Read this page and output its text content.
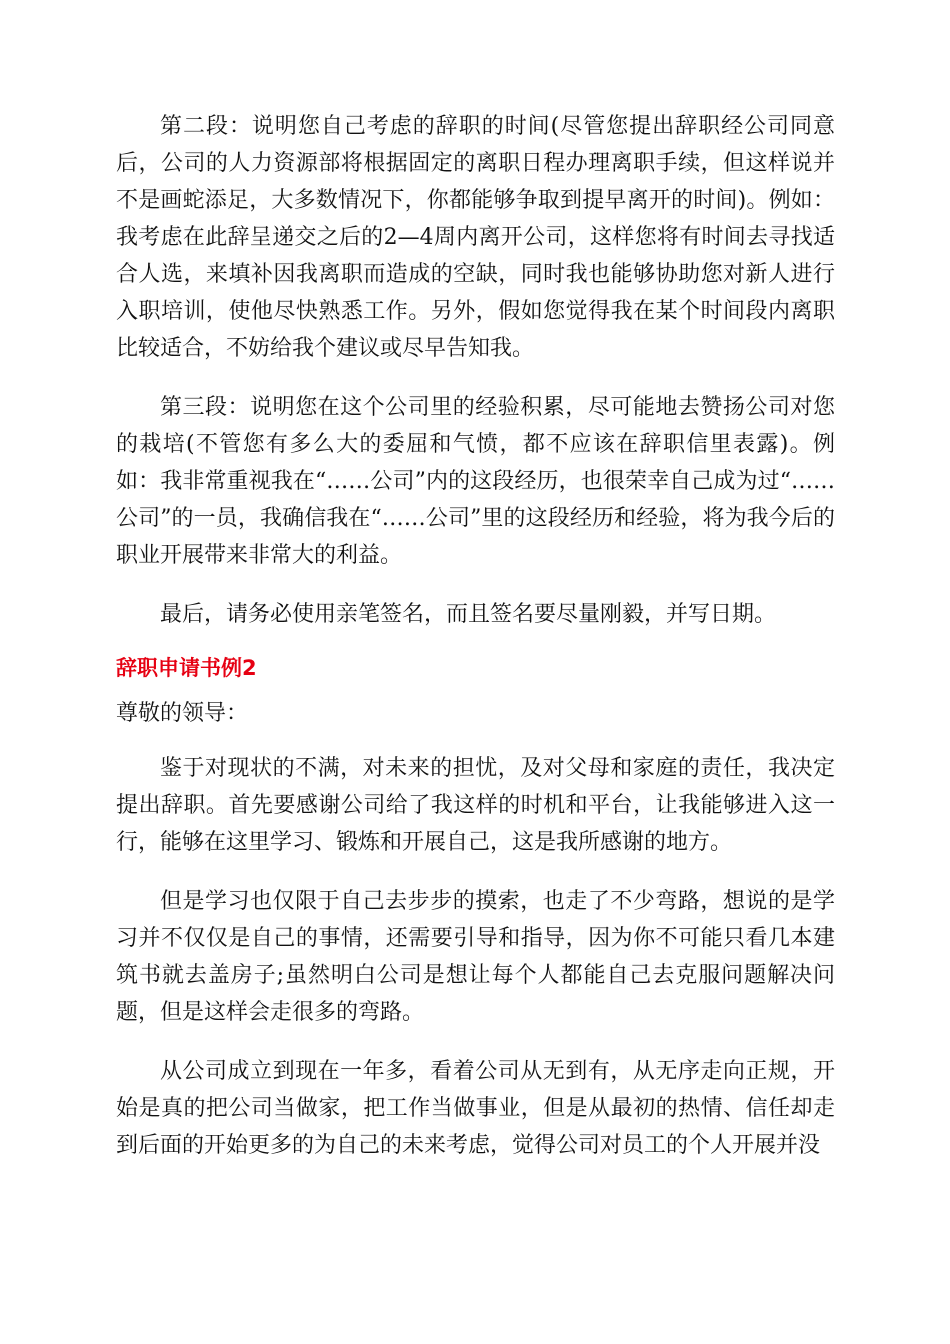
第二段：说明您自己考虑的辞职的时间(尽管您提出辞职经公司同意后，公司的人力资源部将根据固定的离职日程办理离职手续，但这样说并不是画蛇添足，大多数情况下，你都能够争取到提早离开的时间)。例如：我考虑在此辞呈递交之后的2—4周内离开公司，这样您将有时间去寻找适合人选，来填补因我离职而造成的空缺，同时我也能够协助您对新人进行入职培训，使他尽快熟悉工作。另外，假如您觉得我在某个时间段内离职比较适合，不妨给我个建议或尽早告知我。

第三段：说明您在这个公司里的经验积累，尽可能地去赞扬公司对您的栽培(不管您有多么大的委屈和气愤，都不应该在辞职信里表露)。例如：我非常重视我在“……公司”内的这段经历，也很荣幸自己成为过“……公司”的一员，我确信我在“……公司”里的这段经历和经验，将为我今后的职业开展带来非常大的利益。

最后，请务必使用亲笔签名，而且签名要尽量刚毅，并写日期。

辞职申请书例2
尊敬的领导：

鉴于对现状的不满，对未来的担忧，及对父母和家庭的责任，我决定提出辞职。首先要感谢公司给了我这样的时机和平台，让我能够进入这一行，能够在这里学习、锻炼和开展自己，这是我所感谢的地方。

但是学习也仅限于自己去步步的摸索，也走了不少弯路，想说的是学习并不仅仅是自己的事情，还需要引导和指导，因为你不可能只看几本建筑书就去盖房子;虽然明白公司是想让每个人都能自己去克服问题解决问题，但是这样会走很多的弯路。

从公司成立到现在一年多，看着公司从无到有，从无序走向正规，开始是真的把公司当做家，把工作当做事业，但是从最初的热情、信任却走到后面的开始更多的为自己的未来考虑，觉得公司对员工的个人开展并没
